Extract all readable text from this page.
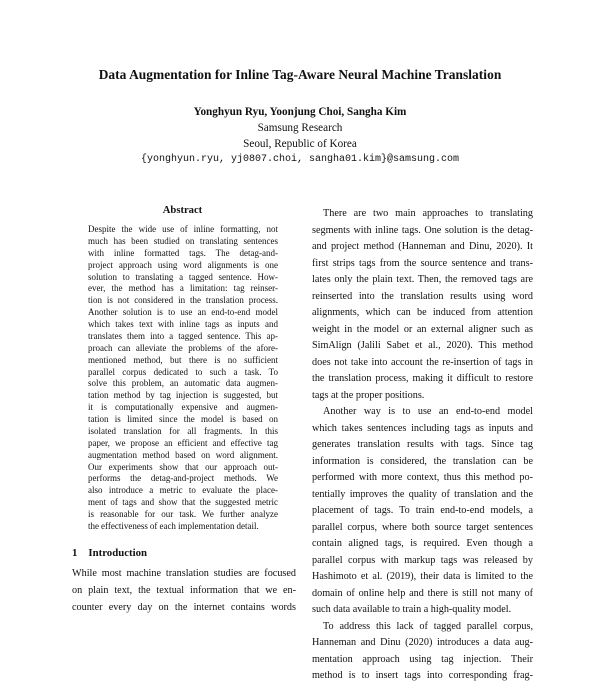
Data Augmentation for Inline Tag-Aware Neural Machine Translation
Yonghyun Ryu, Yoonjung Choi, Sangha Kim
Samsung Research
Seoul, Republic of Korea
{yonghyun.ryu, yj0807.choi, sangha01.kim}@samsung.com
Abstract
Despite the wide use of inline formatting, not
much has been studied on translating sentences
with inline formatted tags. The detag-and-
project approach using word alignments is one
solution to translating a tagged sentence. How-
ever, the method has a limitation: tag reinser-
tion is not considered in the translation process.
Another solution is to use an end-to-end model
which takes text with inline tags as inputs and
translates them into a tagged sentence. This ap-
proach can alleviate the problems of the afore-
mentioned method, but there is no sufficient
parallel corpus dedicated to such a task. To
solve this problem, an automatic data augmen-
tation method by tag injection is suggested, but
it is computationally expensive and augmen-
tation is limited since the model is based on
isolated translation for all fragments. In this
paper, we propose an efficient and effective tag
augmentation method based on word alignment.
Our experiments show that our approach out-
performs the detag-and-project methods. We
also introduce a metric to evaluate the place-
ment of tags and show that the suggested metric
is reasonable for our task. We further analyze
the effectiveness of each implementation detail.
1 Introduction
While most machine translation studies are focused
on plain text, the textual information that we en-
counter every day on the internet contains words
There are two main approaches to translating
segments with inline tags. One solution is the detag-
and project method (Hanneman and Dinu, 2020). It
first strips tags from the source sentence and trans-
lates only the plain text. Then, the removed tags are
reinserted into the translation results using word
alignments, which can be induced from attention
weight in the model or an external aligner such as
SimAlign (Jalili Sabet et al., 2020). This method
does not take into account the re-insertion of tags in
the translation process, making it difficult to restore
tags at the proper positions.
Another way is to use an end-to-end model
which takes sentences including tags as inputs and
generates translation results with tags. Since tag
information is considered, the translation can be
performed with more context, thus this method po-
tentially improves the quality of translation and the
placement of tags. To train end-to-end models, a
parallel corpus, where both source target sentences
contain aligned tags, is required. Even though a
parallel corpus with markup tags was released by
Hashimoto et al. (2019), their data is limited to the
domain of online help and there is still not many of
such data available to train a high-quality model.
To address this lack of tagged parallel corpus,
Hanneman and Dinu (2020) introduces a data aug-
mentation approach using tag injection. Their
method is to insert tags into corresponding frag-
